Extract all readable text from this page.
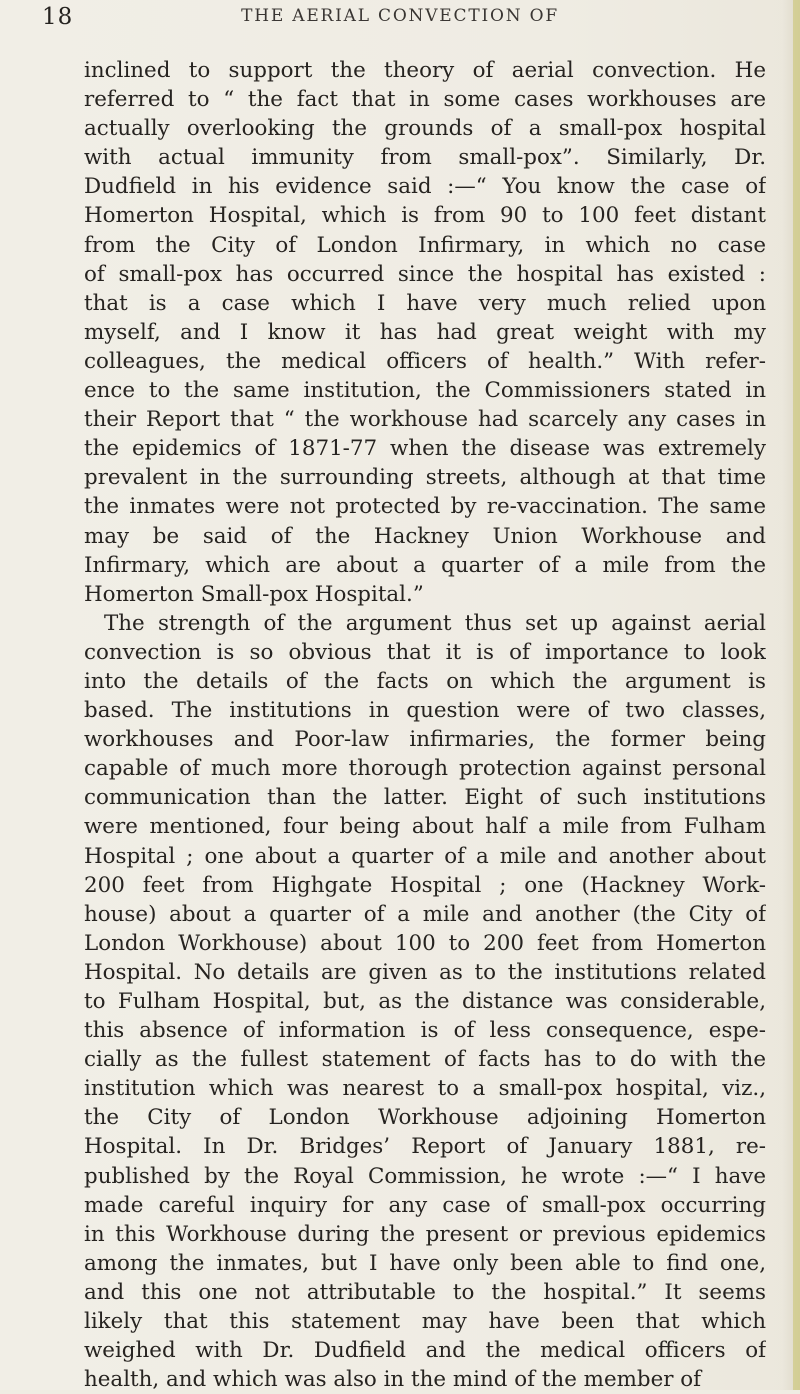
18	THE AERIAL CONVECTION OF
inclined to support the theory of aerial convection. He
referred to “ the fact that in some cases workhouses are
actually overlooking the grounds of a small-pox hospital
with actual immunity from small-pox”. Similarly, Dr.
Dudfield in his evidence said :—“ You know the case of
Homerton Hospital, which is from 90 to 100 feet distant
from the City of London Infirmary, in which no case
of small-pox has occurred since the hospital has existed :
that is a case which I have very much relied upon
myself, and I know it has had great weight with my
colleagues, the medical officers of health.” With refer-
ence to the same institution, the Commissioners stated in
their Report that “ the workhouse had scarcely any cases in
the epidemics of 1871-77 when the disease was extremely
prevalent in the surrounding streets, although at that time
the inmates were not protected by re-vaccination. The same
may be said of the Hackney Union Workhouse and
Infirmary, which are about a quarter of a mile from the
Homerton Small-pox Hospital.”
The strength of the argument thus set up against aerial
convection is so obvious that it is of importance to look
into the details of the facts on which the argument is
based. The institutions in question were of two classes,
workhouses and Poor-law infirmaries, the former being
capable of much more thorough protection against personal
communication than the latter. Eight of such institutions
were mentioned, four being about half a mile from Fulham
Hospital ; one about a quarter of a mile and another about
200 feet from Highgate Hospital ; one (Hackney Work-
house) about a quarter of a mile and another (the City of
London Workhouse) about 100 to 200 feet from Homerton
Hospital. No details are given as to the institutions related
to Fulham Hospital, but, as the distance was considerable,
this absence of information is of less consequence, espe-
cially as the fullest statement of facts has to do with the
institution which was nearest to a small-pox hospital, viz.,
the City of London Workhouse adjoining Homerton
Hospital. In Dr. Bridges’ Report of January 1881, re-
published by the Royal Commission, he wrote :—“ I have
made careful inquiry for any case of small-pox occurring
in this Workhouse during the present or previous epidemics
among the inmates, but I have only been able to find one,
and this one not attributable to the hospital.” It seems
likely that this statement may have been that which
weighed with Dr. Dudfield and the medical officers of
health, and which was also in the mind of the member of
